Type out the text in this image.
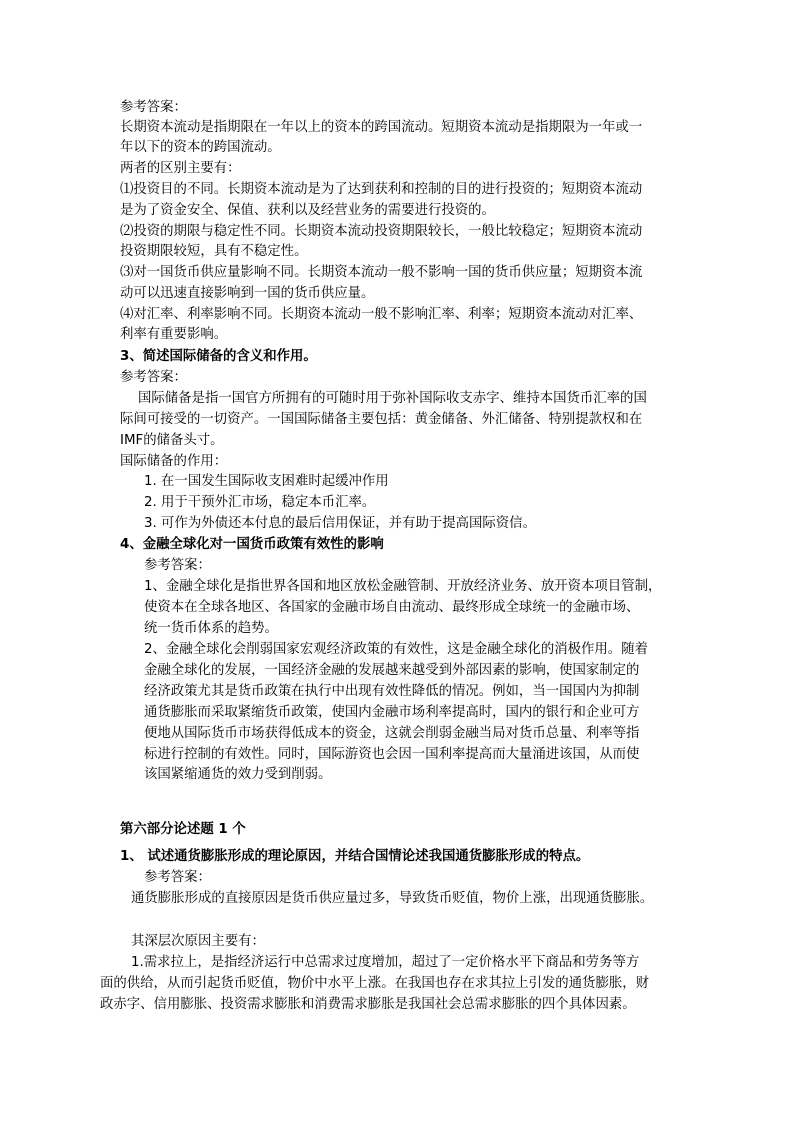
参考答案：

长期资本流动是指期限在一年以上的资本的跨国流动。短期资本流动是指期限为一年或一

年以下的资本的跨国流动。

两者的区别主要有：

⑴投资目的不同。长期资本流动是为了达到获利和控制的目的进行投资的；短期资本流动

是为了资金安全、保值、获利以及经营业务的需要进行投资的。

⑵投资的期限与稳定性不同。长期资本流动投资期限较长，一般比较稳定；短期资本流动

投资期限较短，具有不稳定性。

⑶对一国货币供应量影响不同。长期资本流动一般不影响一国的货币供应量；短期资本流

动可以迅速直接影响到一国的货币供应量。

⑷对汇率、利率影响不同。长期资本流动一般不影响汇率、利率；短期资本流动对汇率、

利率有重要影响。

3、简述国际储备的含义和作用。

参考答案：

国际储备是指一国官方所拥有的可随时用于弥补国际收支赤字、维持本国货币汇率的国

际间可接受的一切资产。一国国际储备主要包括：黄金储备、外汇储备、特别提款权和在

IMF的储备头寸。

国际储备的作用：

1. 在一国发生国际收支困难时起缓冲作用

2. 用于干预外汇市场，稳定本币汇率。

3. 可作为外债还本付息的最后信用保证，并有助于提高国际资信。

4、金融全球化对一国货币政策有效性的影响

参考答案：

1、金融全球化是指世界各国和地区放松金融管制、开放经济业务、放开资本项目管制，

使资本在全球各地区、各国家的金融市场自由流动、最终形成全球统一的金融市场、

统一货币体系的趋势。

2、金融全球化会削弱国家宏观经济政策的有效性，这是金融全球化的消极作用。随着

金融全球化的发展，一国经济金融的发展越来越受到外部因素的影响，使国家制定的

经济政策尤其是货币政策在执行中出现有效性降低的情况。例如，当一国国内为抑制

通货膨胀而采取紧缩货币政策，使国内金融市场利率提高时，国内的银行和企业可方

便地从国际货币市场获得低成本的资金，这就会削弱金融当局对货币总量、利率等指

标进行控制的有效性。同时，国际游资也会因一国利率提高而大量涌进该国，从而使

该国紧缩通货的效力受到削弱。

第六部分论述题 1 个

1、 试述通货膨胀形成的理论原因，并结合国情论述我国通货膨胀形成的特点。

参考答案：

通货膨胀形成的直接原因是货币供应量过多，导致货币贬值，物价上涨，出现通货膨胀。

其深层次原因主要有：

1.需求拉上，是指经济运行中总需求过度增加，超过了一定价格水平下商品和劳务等方

面的供给，从而引起货币贬值，物价中水平上涨。在我国也存在求其拉上引发的通货膨胀，财

政赤字、信用膨胀、投资需求膨胀和消费需求膨胀是我国社会总需求膨胀的四个具体因素。
